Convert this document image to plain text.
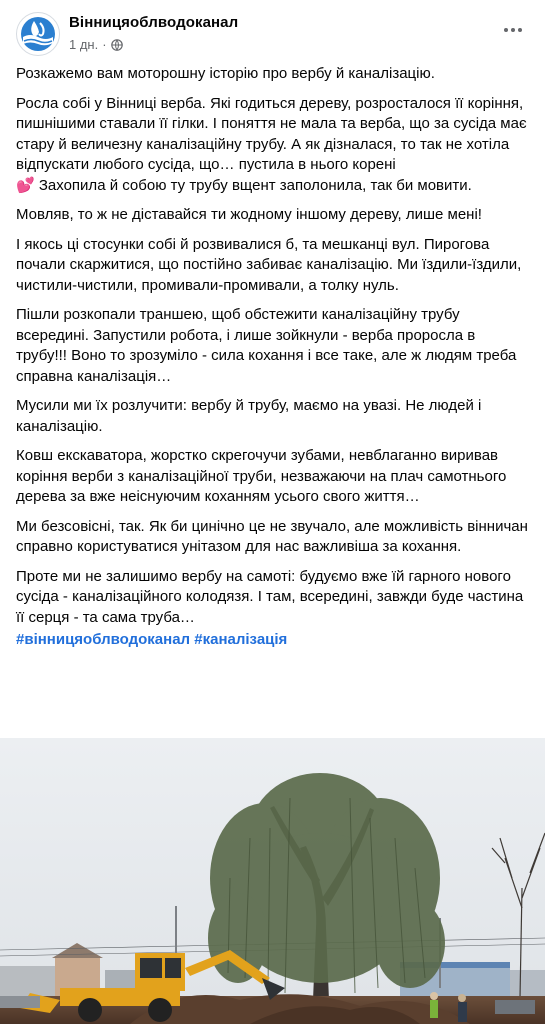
Вінницяоблводоканал
1 дн. ·

Розкажемо вам моторошну історію про вербу й каналізацію.

Росла собі у Вінниці верба. Які годиться дереву, розросталося її коріння, пишнішими ставали її гілки. І поняття не мала та верба, що за сусіда має стару й величезну каналізаційну трубу. А як дізналася, то так не хотіла відпускати любого сусіда, що… пустила в нього корені
💕 Захопила й собою ту трубу вщент заполонила, так би мовити.

Мовляв, то ж не діставайся ти жодному іншому дереву, лише мені!

І якось ці стосунки собі й розвивалися б, та мешканці вул. Пирогова почали скаржитися, що постійно забиває каналізацію. Ми їздили-їздили, чистили-чистили, промивали-промивали, а толку нуль.

Пішли розкопали траншею, щоб обстежити каналізаційну трубу всередині. Запустили робота, і лише зойкнули - верба проросла в трубу!!! Воно то зрозуміло - сила кохання і все таке, але ж людям треба справна каналізація…

Мусили ми їх розлучити: вербу й трубу, маємо на увазі. Не людей і каналізацію.

Ковш екскаватора, жорстко скрегочучи зубами, невблаганно виривав коріння верби з каналізаційної труби, незважаючи на плач самотнього дерева за вже неіснуючим коханням усього свого життя…

Ми безсовісні, так. Як би цинічно це не звучало, але можливість вінничан справно користуватися унітазом для нас важливіша за кохання.

Проте ми не залишимо вербу на самоті: будуємо вже їй гарного нового сусіда - каналізаційного колодязя. І там, всередині, завжди буде частина її серця - та сама труба…

#вінницяоблводоканал #каналізація
